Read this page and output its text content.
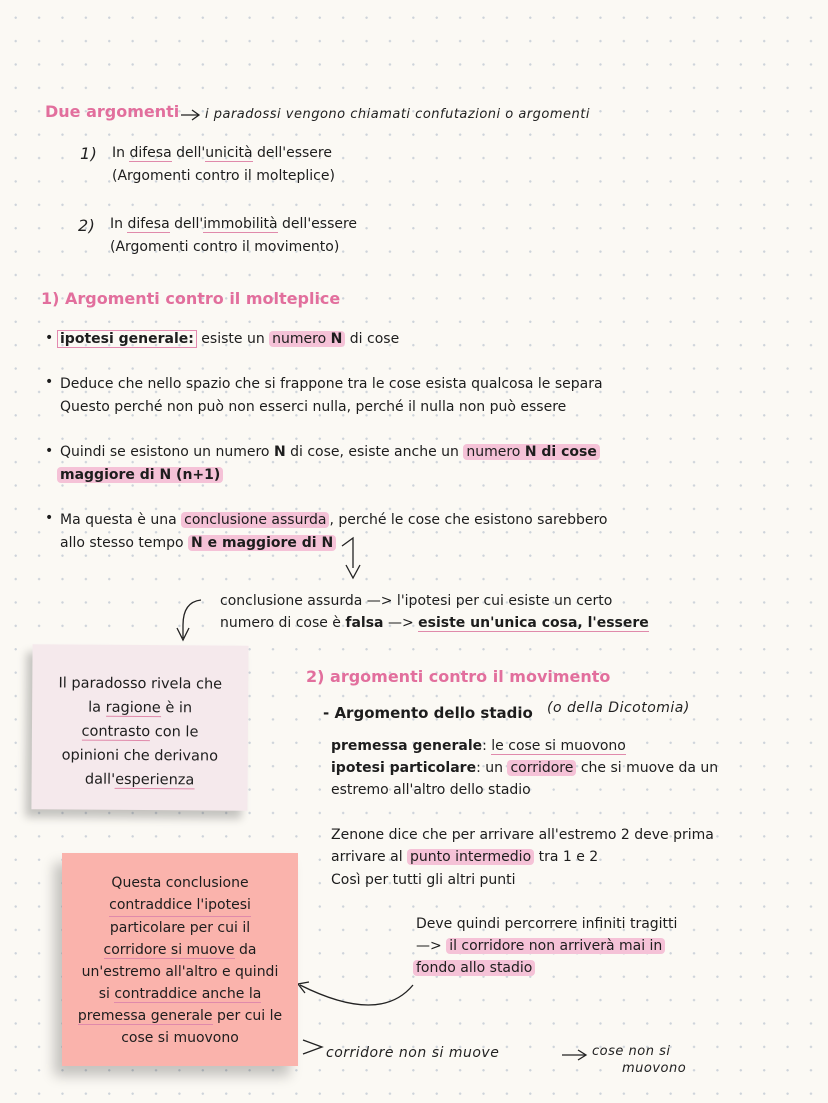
Due argomenti i paradossi vengono chiamati confutazioni o argomenti
1) In difesa dell'unicità dell'essere
(Argomenti contro il molteplice)
2) In difesa dell'immobilità dell'essere
(Argomenti contro il movimento)
1) Argomenti contro il molteplice
• ipotesi generale: esiste un numero N di cose
• Deduce che nello spazio che si frappone tra le cose esista qualcosa le separa
Questo perché non può non esserci nulla, perché il nulla non può essere
• Quindi se esistono un numero N di cose, esiste anche un numero N di cose
maggiore di N (n+1)
• Ma questa è una conclusione assurda , perché le cose che esistono sarebbero
allo stesso tempo N e maggiore di N
conclusione assurda —> l'ipotesi per cui esiste un certo
numero di cose è falsa —> esiste un'unica cosa, l'essere
Il paradosso rivela che
la ragione è in
contrasto con le
opinioni che derivano
dall'esperienza
2) argomenti contro il movimento
- Argomento dello stadio (o della Dicotomia)
premessa generale: le cose si muovono
ipotesi particolare: un corridore che si muove da un
estremo all'altro dello stadio
Zenone dice che per arrivare all'estremo 2 deve prima
arrivare al punto intermedio tra 1 e 2
Così per tutti gli altri punti
Deve quindi percorrere infiniti tragitti
—> il corridore non arriverà mai in
fondo allo stadio
Questa conclusione
contraddice l'ipotesi
particolare per cui il
corridore si muove da
un'estremo all'altro e quindi
si contraddice anche la
premessa generale per cui le
cose si muovono
corridore non si muove	cose non si
muovono
